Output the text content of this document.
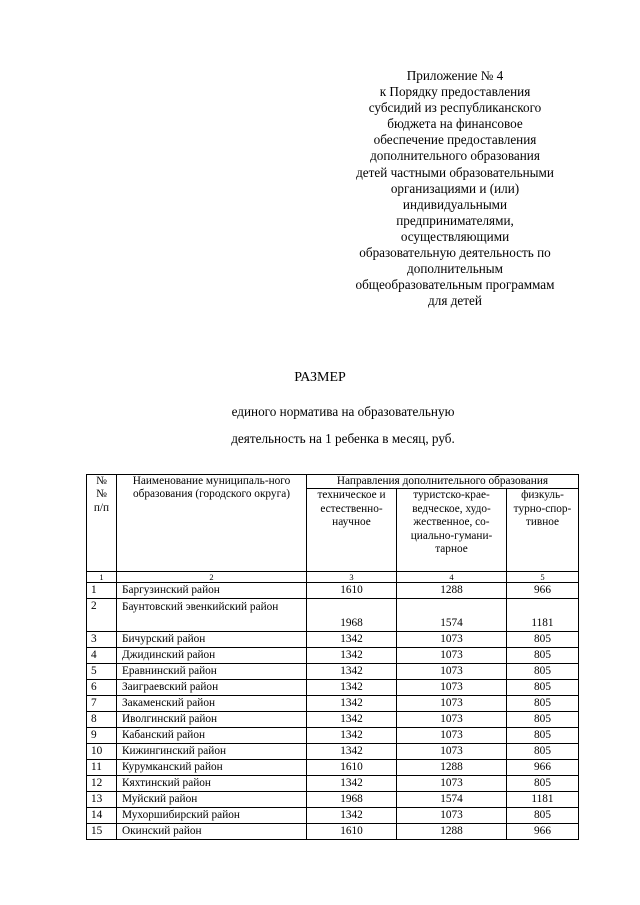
Приложение № 4
к Порядку предоставления
субсидий из республиканского
бюджета на финансовое
обеспечение предоставления
дополнительного образования
детей частными образовательными
организациями и (или)
индивидуальными
предпринимателями,
осуществляющими
образовательную деятельность по
дополнительным
общеобразовательным программам
для детей
РАЗМЕР
единого норматива на образовательную
деятельность на 1 ребенка в месяц, руб.
№
№
п/п	Наименование муниципаль-ного образования (городского округа)	Направления дополнительного образования		
		техническое и естественно-научное	туристско-крае-ведческое, худо-жественное, со-циально-гумани-тарное	физкуль-турно-спор-тивное
1	2	3	4	5
1	Баргузинский район	1610	1288	966
2	Баунтовский эвенкийский район	1968	1574	1181
3	Бичурский район	1342	1073	805
4	Джидинский район	1342	1073	805
5	Еравнинский район	1342	1073	805
6	Заиграевский район	1342	1073	805
7	Закаменский район	1342	1073	805
8	Иволгинский район	1342	1073	805
9	Кабанский район	1342	1073	805
10	Кижингинский район	1342	1073	805
11	Курумканский район	1610	1288	966
12	Кяхтинский район	1342	1073	805
13	Муйский район	1968	1574	1181
14	Мухоршибирский район	1342	1073	805
15	Окинский район	1610	1288	966
